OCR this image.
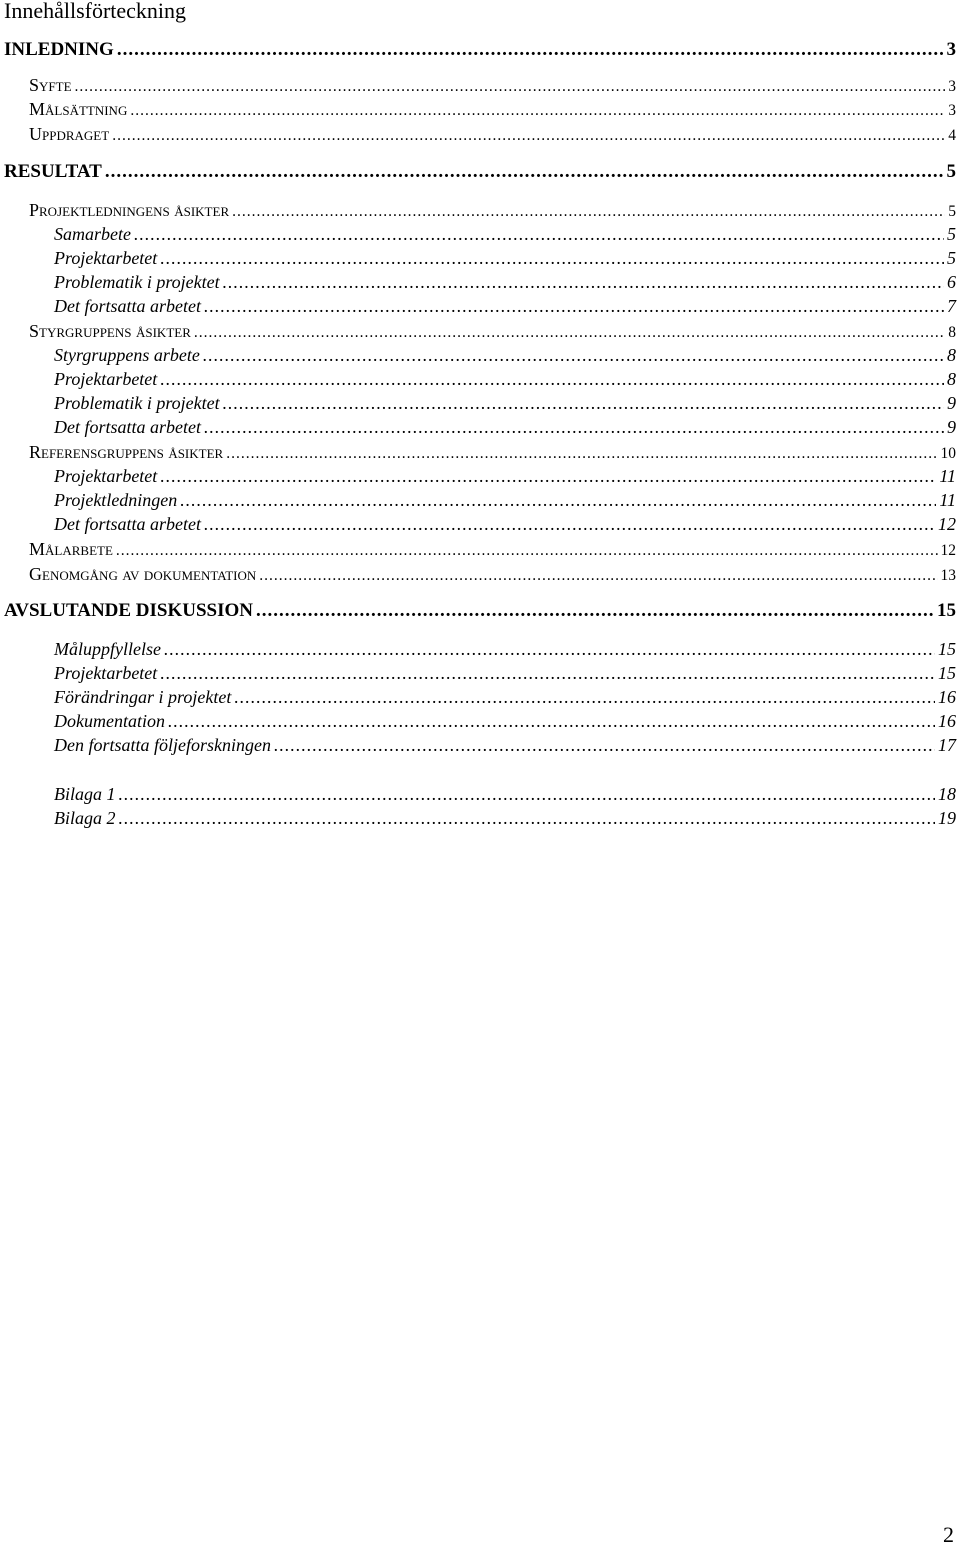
Innehållsförteckning
INLEDNING .....	3
Syfte .....	3
Målsättning .....	3
Uppdraget .....	4
RESULTAT .....	5
Projektledningens åsikter .....	5
Samarbete .....	5
Projektarbetet .....	5
Problematik i projektet .....	6
Det fortsatta arbetet .....	7
Styrgruppens åsikter .....	8
Styrgruppens arbete .....	8
Projektarbetet .....	8
Problematik i projektet .....	9
Det fortsatta arbetet .....	9
Referensgruppens åsikter .....	10
Projektarbetet .....	11
Projektledningen .....	11
Det fortsatta arbetet .....	12
Målarbete .....	12
Genomgång av dokumentation .....	13
AVSLUTANDE DISKUSSION .....	15
Måluppfyllelse .....	15
Projektarbetet .....	15
Förändringar i projektet .....	16
Dokumentation .....	16
Den fortsatta följeforskningen .....	17
Bilaga 1 .....	18
Bilaga 2 .....	19
2
